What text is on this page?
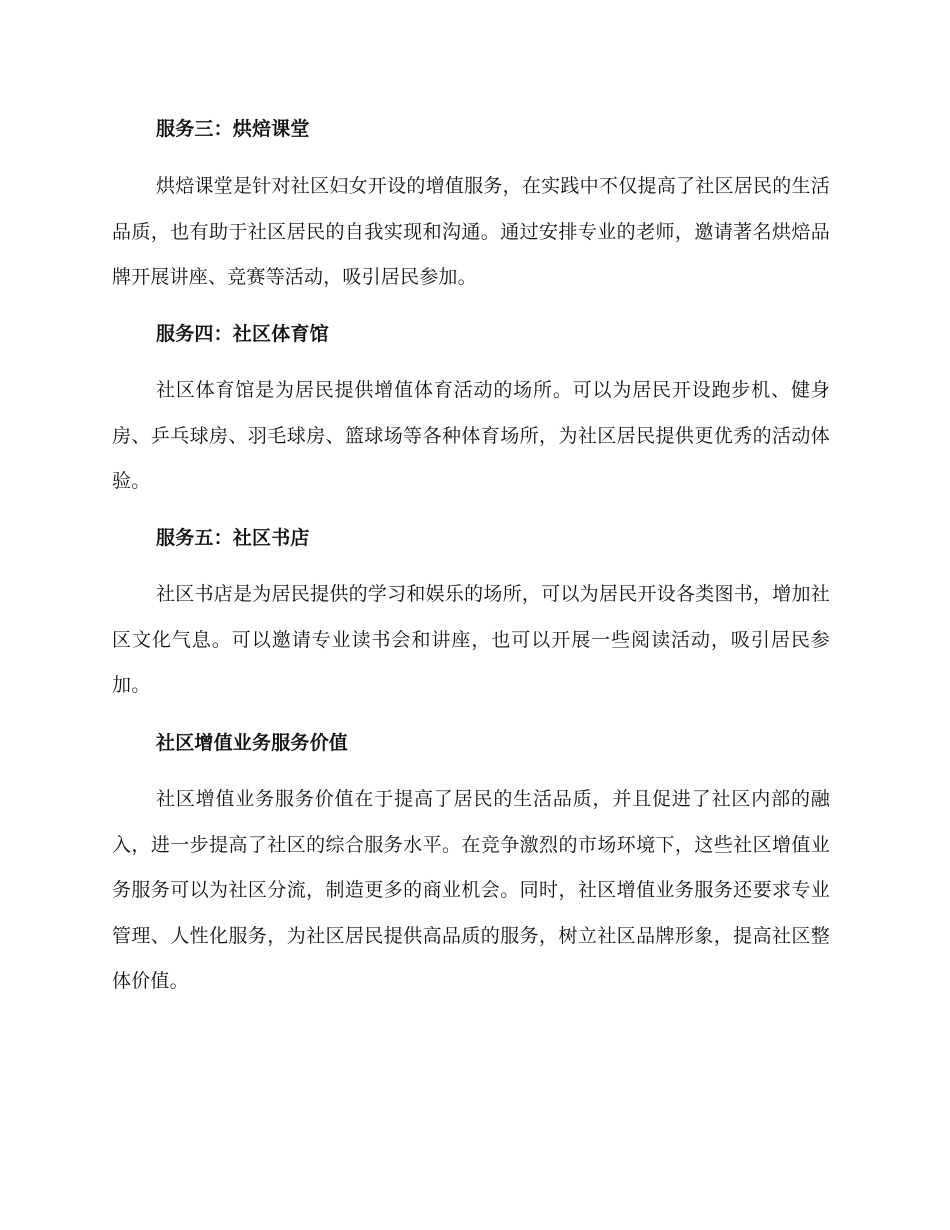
服务三：烘焙课堂

烘焙课堂是针对社区妇女开设的增值服务，在实践中不仅提高了社区居民的生活品质，也有助于社区居民的自我实现和沟通。通过安排专业的老师，邀请著名烘焙品牌开展讲座、竞赛等活动，吸引居民参加。

服务四：社区体育馆

社区体育馆是为居民提供增值体育活动的场所。可以为居民开设跑步机、健身房、乒乓球房、羽毛球房、篮球场等各种体育场所，为社区居民提供更优秀的活动体验。

服务五：社区书店

社区书店是为居民提供的学习和娱乐的场所，可以为居民开设各类图书，增加社区文化气息。可以邀请专业读书会和讲座，也可以开展一些阅读活动，吸引居民参加。

社区增值业务服务价值

社区增值业务服务价值在于提高了居民的生活品质，并且促进了社区内部的融入，进一步提高了社区的综合服务水平。在竞争激烈的市场环境下，这些社区增值业务服务可以为社区分流，制造更多的商业机会。同时，社区增值业务服务还要求专业管理、人性化服务，为社区居民提供高品质的服务，树立社区品牌形象，提高社区整体价值。
